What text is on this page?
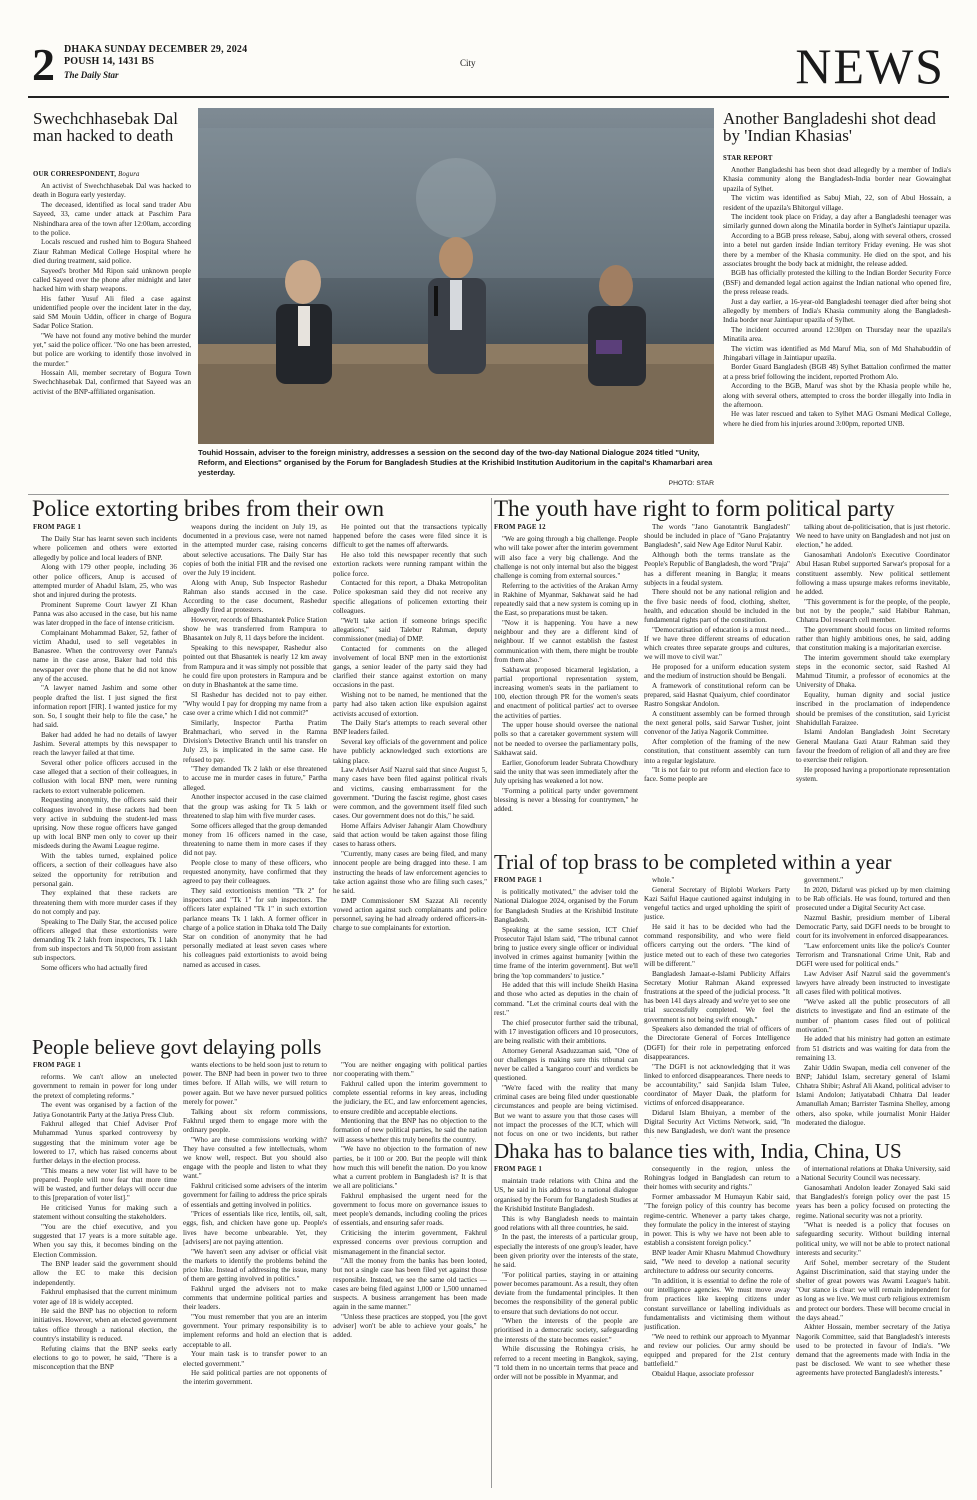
2 DHAKA SUNDAY DECEMBER 29, 2024
POUSH 14, 1431 BS
The Daily Star
City	NEWS
Swechchhasebak Dal man hacked to death
OUR CORRESPONDENT, Bogura

An activist of Swechchhasebak Dal was hacked to death in Bogura early yesterday.

The deceased, identified as local sand trader Abu Sayeed, 33, came under attack at Paschim Para Nishindhara area of the town after 12:00am, according to the police.

Locals rescued and rushed him to Bogura Shaheed Ziaur Rahman Medical College Hospital where he died during treatment, said police.

Sayeed's brother Md Ripon said unknown people called Sayeed over the phone after midnight and later hacked him with sharp weapons.

His father Yusuf Ali filed a case against unidentified people over the incident later in the day, said SM Mouin Uddin, officer in charge of Bogura Sadar Police Station.

"We have not found any motive behind the murder yet," said the police officer. "No one has been arrested, but police are working to identify those involved in the murder."

Hossain Ali, member secretary of Bogura Town Swechchhasebak Dal, confirmed that Sayeed was an activist of the BNP-affiliated organisation.

Touhid Hossain, adviser to the foreign ministry, addresses a session on the second day of the two-day National Dialogue 2024 titled "Unity, Reform, and Elections" organised by the Forum for Bangladesh Studies at the Krishibid Institution Auditorium in the capital's Khamarbari area yesterday.
PHOTO: STAR
Another Bangladeshi shot dead by 'Indian Khasias'
STAR REPORT

Another Bangladeshi has been shot dead allegedly by a member of India's Khasia community along the Bangladesh-India border near Gowainghat upazila of Sylhet.

The victim was identified as Sabuj Miah, 22, son of Abul Hossain, a resident of the upazila's Bhitorgul village.

The incident took place on Friday, a day after a Bangladeshi teenager was similarly gunned down along the Minatila border in Sylhet's Jaintiapur upazila.

According to a BGB press release, Sabuj, along with several others, crossed into a betel nut garden inside Indian territory Friday evening. He was shot there by a member of the Khasia community. He died on the spot, and his associates brought the body back at midnight, the release added.

BGB has officially protested the killing to the Indian Border Security Force (BSF) and demanded legal action against the Indian national who opened fire, the press release reads.

Just a day earlier, a 16-year-old Bangladeshi teenager died after being shot allegedly by members of India's Khasia community along the Bangladesh-India border near Jaintiapur upazila of Sylhet.

The incident occurred around 12:30pm on Thursday near the upazila's Minatila area.

The victim was identified as Md Maruf Mia, son of Md Shahabuddin of Jhingabari village in Jaintiapur upazila.

Border Guard Bangladesh (BGB 48) Sylhet Battalion confirmed the matter at a press brief following the incident, reported Prothom Alo.

According to the BGB, Maruf was shot by the Khasia people while he, along with several others, attempted to cross the border illegally into India in the afternoon.

He was later rescued and taken to Sylhet MAG Osmani Medical College, where he died from his injuries around 3:00pm, reported UNB.

Police extorting bribes from their own
FROM PAGE 1

The Daily Star has learnt seven such incidents where policemen and others were extorted allegedly by police and local leaders of BNP.

Along with 179 other people, including 36 other police officers, Anup is accused of attempted murder of Ahadul Islam, 25, who was shot and injured during the protests.

Prominent Supreme Court lawyer ZI Khan Panna was also accused in the case, but his name was later dropped in the face of intense criticism.

Complainant Mohammad Baker, 52, father of victim Ahadul, used to sell vegetables in Banasree. When the controversy over Panna's name in the case arose, Baker had told this newspaper over the phone that he did not know any of the accused.

"A lawyer named Jashim and some other people drafted the list. I just signed the first information report [FIR]. I wanted justice for my son. So, I sought their help to file the case," he had said.

Baker had added he had no details of lawyer Jashim. Several attempts by this newspaper to reach the lawyer failed at that time.

Several other police officers accused in the case alleged that a section of their colleagues, in collusion with local BNP men, were running rackets to extort vulnerable policemen.

Requesting anonymity, the officers said their colleagues involved in these rackets had been very active in subduing the student-led mass uprising. Now these rogue officers have ganged up with local BNP men only to cover up their misdeeds during the Awami League regime.

With the tables turned, explained police officers, a section of their colleagues have also seized the opportunity for retribution and personal gain.

They explained that these rackets are threatening them with more murder cases if they do not comply and pay.

Speaking to The Daily Star, the accused police officers alleged that these extortionists were demanding Tk 2 lakh from inspectors, Tk 1 lakh from sub inspectors and Tk 50,000 from assistant sub inspectors.

Some officers who had actually fired

weapons during the incident on July 19, as documented in a previous case, were not named in the attempted murder case, raising concerns about selective accusations. The Daily Star has copies of both the initial FIR and the revised one over the July 19 incident.

Along with Anup, Sub Inspector Rashedur Rahman also stands accused in the case. According to the case document, Rashedur allegedly fired at protesters.

However, records of Bhashantek Police Station show he was transferred from Rampura to Bhasantek on July 8, 11 days before the incident.

Speaking to this newspaper, Rashedur also pointed out that Bhasantek is nearly 12 km away from Rampura and it was simply not possible that he could fire upon protesters in Rampura and be on duty in Bhashantek at the same time.

SI Rashedur has decided not to pay either. "Why would I pay for dropping my name from a case over a crime which I did not commit?"

Similarly, Inspector Partha Pratim Brahmachari, who served in the Ramna Division's Detective Branch until his transfer on July 23, is implicated in the same case. He refused to pay.

"They demanded Tk 2 lakh or else threatened to accuse me in murder cases in future," Partha alleged.

Another inspector accused in the case claimed that the group was asking for Tk 5 lakh or threatened to slap him with five murder cases.

Some officers alleged that the group demanded money from 16 officers named in the case, threatening to name them in more cases if they did not pay.

People close to many of these officers, who requested anonymity, have confirmed that they agreed to pay their colleagues.

They said extortionists mention "Tk 2" for inspectors and "Tk 1" for sub inspectors. The officers later explained "Tk 1" in such extortion parlance means Tk 1 lakh. A former officer in charge of a police station in Dhaka told The Daily Star on condition of anonymity that he had personally mediated at least seven cases where his colleagues paid extortionists to avoid being named as accused in cases.

He pointed out that the transactions typically happened before the cases were filed since it is difficult to get the names off afterwards.

He also told this newspaper recently that such extortion rackets were running rampant within the police force.

Contacted for this report, a Dhaka Metropolitan Police spokesman said they did not receive any specific allegations of policemen extorting their colleagues.

"We'll take action if someone brings specific allegations," said Talebur Rahman, deputy commissioner (media) of DMP.

Contacted for comments on the alleged involvement of local BNP men in the extortionist gangs, a senior leader of the party said they had clarified their stance against extortion on many occasions in the past.

Wishing not to be named, he mentioned that the party had also taken action like expulsion against activists accused of extortion.

The Daily Star's attempts to reach several other BNP leaders failed.

Several key officials of the government and police have publicly acknowledged such extortions are taking place.

Law Adviser Asif Nazrul said that since August 5, many cases have been filed against political rivals and victims, causing embarrassment for the government. "During the fascist regime, ghost cases were common, and the government itself filed such cases. Our government does not do this," he said.

Home Affairs Adviser Jahangir Alam Chowdhury said that action would be taken against those filing cases to harass others.

"Currently, many cases are being filed, and many innocent people are being dragged into these. I am instructing the heads of law enforcement agencies to take action against those who are filing such cases," he said.

DMP Commissioner SM Sazzat Ali recently vowed action against such complainants and police personnel, saying he had already ordered officers-in-charge to sue complainants for extortion.

The youth have right to form political party
FROM PAGE 12

"We are going through a big challenge. People who will take power after the interim government will also face a very big challenge. And the challenge is not only internal but also the biggest challenge is coming from external sources."

Referring to the activities of the Arakan Army in Rakhine of Myanmar, Sakhawat said he had repeatedly said that a new system is coming up in the East, so preparations must be taken.

"Now it is happening. You have a new neighbour and they are a different kind of neighbour. If we cannot establish the fastest communication with them, there might be trouble from them also."

Sakhawat proposed bicameral legislation, a partial proportional representation system, increasing women's seats in the parliament to 100, election through PR for the women's seats and enactment of political parties' act to oversee the activities of parties.

The upper house should oversee the national polls so that a caretaker government system will not be needed to oversee the parliamentary polls, Sakhawat said.

Earlier, Gonoforum leader Subrata Chowdhury said the unity that was seen immediately after the July uprising has weakened a lot now.

"Forming a political party under government blessing is never a blessing for countrymen," he added.

The words "Jano Ganotantrik Bangladesh" should be included in place of "Gano Prajatantry Bangladesh", said New Age Editor Nurul Kabir.

Although both the terms translate as the People's Republic of Bangladesh, the word "Praja" has a different meaning in Bangla; it means subjects in a feudal system.

There should not be any national religion and the five basic needs of food, clothing, shelter, health, and education should be included in the fundamental rights part of the constitution.

"Democratisation of education is a must need... If we have three different streams of education which creates three separate groups and cultures, we will move to civil war."

He proposed for a uniform education system and the medium of instruction should be Bengali.

A framework of constitutional reform can be prepared, said Hasnat Quaiyum, chief coordinator Rastro Songskar Andolon.

A constituent assembly can be formed through the next general polls, said Sarwar Tusher, joint convenor of the Jatiya Nagorik Committee.

After completion of the framing of the new constitution, that constituent assembly can turn into a regular legislature.

"It is not fair to put reform and election face to face. Some people are

talking about de-politicisation, that is just rhetoric. We need to have unity on Bangladesh and not just on election," he added.

Ganosamhati Andolon's Executive Coordinator Abul Hasan Rubel supported Sarwar's proposal for a constituent assembly. New political settlement following a mass upsurge makes reforms inevitable, he added.

"This government is for the people, of the people, but not by the people," said Habibur Rahman, Chhatra Dol research cell member.

The government should focus on limited reforms rather than highly ambitious ones, he said, adding that constitution making is a majoritarian exercise.

The interim government should take exemplary steps in the economic sector, said Rashed Al Mahmud Titumir, a professor of economics at the University of Dhaka.

Equality, human dignity and social justice inscribed in the proclamation of independence should be premises of the constitution, said Lyricist Shahidullah Faraizee.

Islami Andolan Bangladesh Joint Secretary General Maulana Gazi Ataur Rahman said they favour the freedom of religion of all and they are free to exercise their religion.

He proposed having a proportionate representation system.

Trial of top brass to be completed within a year
FROM PAGE 1

is politically motivated," the adviser told the National Dialogue 2024, organised by the Forum for Bangladesh Studies at the Krishibid Institute Bangladesh.

Speaking at the same session, ICT Chief Prosecutor Tajul Islam said, "The tribunal cannot bring to justice every single officer or individual involved in crimes against humanity [within the time frame of the interim government]. But we'll bring the 'top commanders' to justice."

He added that this will include Sheikh Hasina and those who acted as deputies in the chain of command. "Let the criminal courts deal with the rest."

The chief prosecutor further said the tribunal, with 17 investigation officers and 10 prosecutors, are being realistic with their ambitions.

Attorney General Asaduzzaman said, "One of our challenges is making sure this tribunal can never be called a 'kangaroo court' and verdicts be questioned.

"We're faced with the reality that many criminal cases are being filed under questionable circumstances and people are being victimised. But we want to assure you that those cases will not impact the processes of the ICT, which will not focus on one or two incidents, but rather

whole."

General Secretary of Biplobi Workers Party Kazi Saiful Haque cautioned against indulging in vengeful tactics and urged upholding the spirit of justice.

He said it has to be decided who had the command responsibility, and who were field officers carrying out the orders. "The kind of justice meted out to each of these two categories will be different."

Bangladesh Jamaat-e-Islami Publicity Affairs Secretary Motiur Rahman Akand expressed frustrations at the speed of the judicial process. "It has been 141 days already and we're yet to see one trial successfully completed. We feel the government is not being swift enough."

Speakers also demanded the trial of officers of the Directorate General of Forces Intelligence (DGFI) for their role in perpetrating enforced disappearances.

"The DGFI is not acknowledging that it was linked to enforced disappearances. There needs to be accountability," said Sanjida Islam Tulee, coordinator of Mayer Daak, the platform for victims of enforced disappearance.

Didarul Islam Bhuiyan, a member of the Digital Security Act Victims Network, said, "In this new Bangladesh, we don't want the presence

government."

In 2020, Didarul was picked up by men claiming to be Rab officials. He was found, tortured and then prosecuted under a Digital Security Act case.

Nazmul Bashir, presidium member of Liberal Democratic Party, said DGFI needs to be brought to court for its involvement in enforced disappearances.

"Law enforcement units like the police's Counter Terrorism and Transnational Crime Unit, Rab and DGFI were used for political ends."

Law Adviser Asif Nazrul said the government's lawyers have already been instructed to investigate all cases filed with political motives.

"We've asked all the public prosecutors of all districts to investigate and find an estimate of the number of phantom cases filed out of political motivation."

He added that his ministry had gotten an estimate from 51 districts and was waiting for data from the remaining 13.

Zahir Uddin Swapan, media cell convener of the BNP; Jahidul Islam, secretary general of Islami Chhatra Shibir; Ashraf Ali Akand, political adviser to Islami Andolon; Jatiyatabadi Chhatra Dal leader Amanullah Aman; Barrister Tasmina Shelley, among others, also spoke, while journalist Monir Haider moderated the dialogue.

People believe govt delaying polls
FROM PAGE 1

reforms. We can't allow an unelected government to remain in power for long under the pretext of completing reforms."

The event was organised by a faction of the Jatiya Gonotantrik Party at the Jatiya Press Club.

Fakhrul alleged that Chief Adviser Prof Muhammad Yunus sparked controversy by suggesting that the minimum voter age be lowered to 17, which has raised concerns about further delays in the election process.

"This means a new voter list will have to be prepared. People will now fear that more time will be wasted, and further delays will occur due to this [preparation of voter list]."

He criticised Yunus for making such a statement without consulting the stakeholders.

"You are the chief executive, and you suggested that 17 years is a more suitable age. When you say this, it becomes binding on the Election Commission.

The BNP leader said the government should allow the EC to make this decision independently.

Fakhrul emphasised that the current minimum voter age of 18 is widely accepted.

He said the BNP has no objection to reform initiatives. However, when an elected government takes office through a national election, the country's instability is reduced.

Refuting claims that the BNP seeks early elections to go to power, he said, "There is a misconception that the BNP

wants elections to be held soon just to return to power. The BNP had been in power two to three times before. If Allah wills, we will return to power again. But we have never pursued politics merely for power."

Talking about six reform commissions, Fakhrul urged them to engage more with the ordinary people.

"Who are these commissions working with? They have consulted a few intellectuals, whom we know well, respect. But you should also engage with the people and listen to what they want."

Fakhrul criticised some advisers of the interim government for failing to address the price spirals of essentials and getting involved in politics.

"Prices of essentials like rice, lentils, oil, salt, eggs, fish, and chicken have gone up. People's lives have become unbearable. Yet, they [advisers] are not paying attention.

"We haven't seen any adviser or official visit the markets to identify the problems behind the price hike. Instead of addressing the issue, many of them are getting involved in politics."

Fakhrul urged the advisers not to make comments that undermine political parties and their leaders.

"You must remember that you are an interim government. Your primary responsibility is to implement reforms and hold an election that is acceptable to all.

Your main task is to transfer power to an elected government."

He said political parties are not opponents of the interim government.

"You are neither engaging with political parties nor cooperating with them."

Fakhrul called upon the interim government to complete essential reforms in key areas, including the judiciary, the EC, and law enforcement agencies, to ensure credible and acceptable elections.

Mentioning that the BNP has no objection to the formation of new political parties, he said the nation will assess whether this truly benefits the country.

"We have no objection to the formation of new parties, be it 100 or 200. But the people will think how much this will benefit the nation. Do you know what a current problem in Bangladesh is? It is that we all are politicians."

Fakhrul emphasised the urgent need for the government to focus more on governance issues to meet people's demands, including cooling the prices of essentials, and ensuring safer roads.

Criticising the interim government, Fakhrul expressed concerns over previous corruption and mismanagement in the financial sector.

"All the money from the banks has been looted, but not a single case has been filed yet against those responsible. Instead, we see the same old tactics — cases are being filed against 1,000 or 1,500 unnamed suspects. A business arrangement has been made again in the same manner."

"Unless these practices are stopped, you [the govt adviser] won't be able to achieve your goals," he added.

Dhaka has to balance ties with, India, China, US
FROM PAGE 1

maintain trade relations with China and the US, he said in his address to a national dialogue organised by the Forum for Bangladesh Studies at the Krishibid Institute Bangladesh.

This is why Bangladesh needs to maintain good relations with all three countries, he said.

In the past, the interests of a particular group, especially the interests of one group's leader, have been given priority over the interests of the state, he said.

"For political parties, staying in or attaining power becomes paramount. As a result, they often deviate from the fundamental principles. It then becomes the responsibility of the general public to ensure that such deviations do not occur.

"When the interests of the people are prioritised in a democratic society, safeguarding the interests of the state becomes easier."

While discussing the Rohingya crisis, he referred to a recent meeting in Bangkok, saying, "I told them in no uncertain terms that peace and order will not be possible in Myanmar, and

consequently in the region, unless the Rohingyas lodged in Bangladesh can return to their homes with security and rights."

Former ambassador M Humayun Kabir said, "The foreign policy of this country has become regime-centric. Whenever a party takes charge, they formulate the policy in the interest of staying in power. This is why we have not been able to establish a consistent foreign policy."

BNP leader Amir Khasru Mahmud Chowdhury said, "We need to develop a national security architecture to address our security concerns.

"In addition, it is essential to define the role of our intelligence agencies. We must move away from practices like keeping citizens under constant surveillance or labelling individuals as fundamentalists and victimising them without justification.

"We need to rethink our approach to Myanmar and review our policies. Our army should be equipped and prepared for the 21st century battlefield."

Obaidul Haque, associate professor

of international relations at Dhaka University, said a National Security Council was necessary.

Ganosamhati Andolon leader Zonayed Saki said that Bangladesh's foreign policy over the past 15 years has been a policy focused on protecting the regime. National security was not a priority.

"What is needed is a policy that focuses on safeguarding security. Without building internal political unity, we will not be able to protect national interests and security."

Arif Sohel, member secretary of the Student Against Discrimination, said that staying under the shelter of great powers was Awami League's habit. "Our stance is clear: we will remain independent for as long as we live. We must curb religious extremism and protect our borders. These will become crucial in the days ahead."

Akhter Hossain, member secretary of the Jatiya Nagorik Committee, said that Bangladesh's interests used to be protected in favour of India's. "We demand that the agreements made with India in the past be disclosed. We want to see whether these agreements have protected Bangladesh's interests."
